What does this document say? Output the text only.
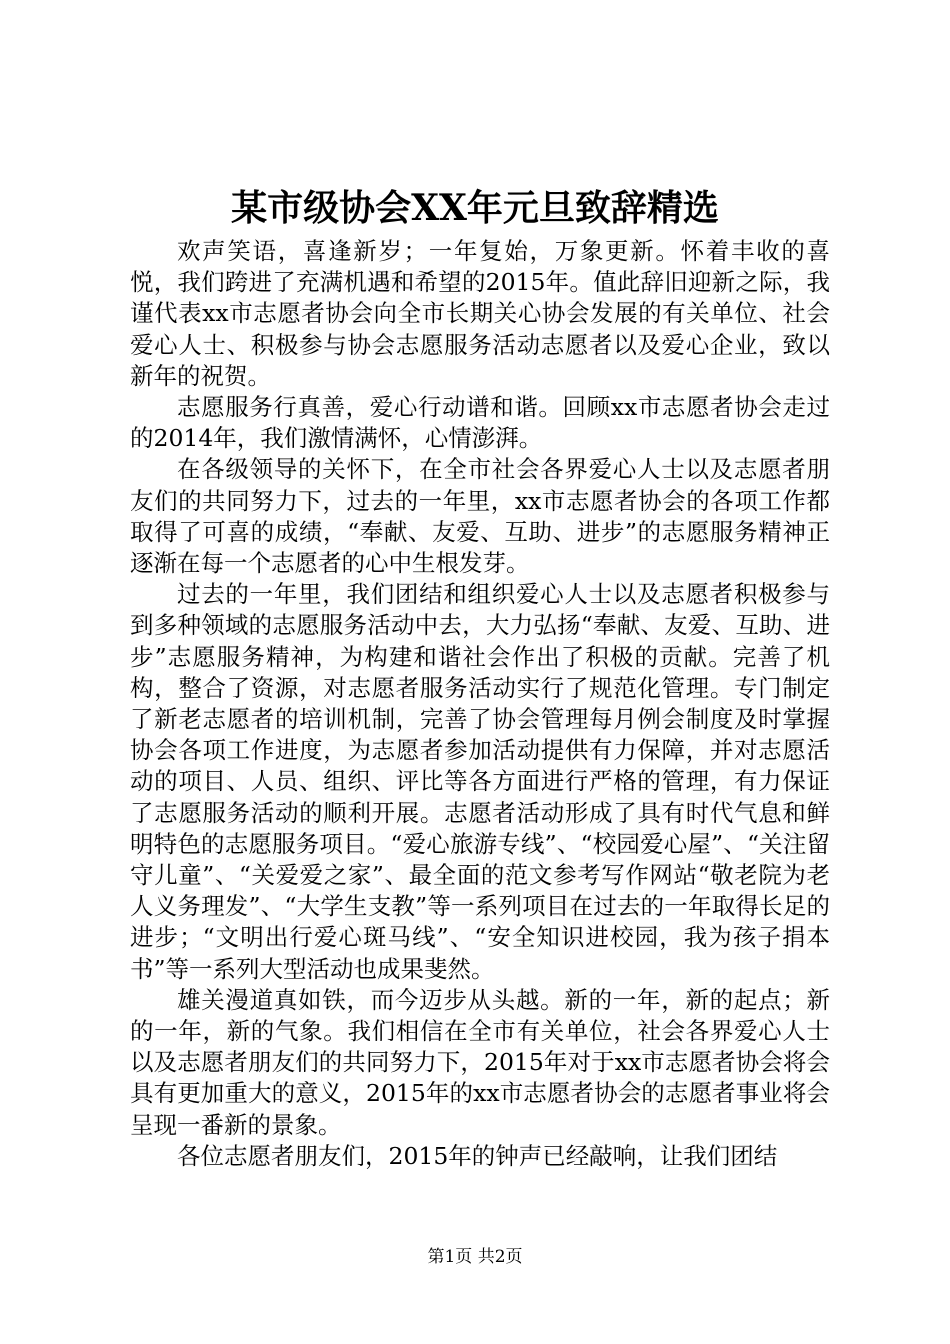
某市级协会XX年元旦致辞精选

欢声笑语，喜逢新岁；一年复始，万象更新。怀着丰收的喜悦，我们跨进了充满机遇和希望的2015年。值此辞旧迎新之际，我谨代表xx市志愿者协会向全市长期关心协会发展的有关单位、社会爱心人士、积极参与协会志愿服务活动志愿者以及爱心企业，致以新年的祝贺。

志愿服务行真善，爱心行动谱和谐。回顾xx市志愿者协会走过的2014年，我们激情满怀，心情澎湃。

在各级领导的关怀下，在全市社会各界爱心人士以及志愿者朋友们的共同努力下，过去的一年里，xx市志愿者协会的各项工作都取得了可喜的成绩，“奉献、友爱、互助、进步”的志愿服务精神正逐渐在每一个志愿者的心中生根发芽。

过去的一年里，我们团结和组织爱心人士以及志愿者积极参与到多种领域的志愿服务活动中去，大力弘扬“奉献、友爱、互助、进步”志愿服务精神，为构建和谐社会作出了积极的贡献。完善了机构，整合了资源，对志愿者服务活动实行了规范化管理。专门制定了新老志愿者的培训机制，完善了协会管理每月例会制度及时掌握协会各项工作进度，为志愿者参加活动提供有力保障，并对志愿活动的项目、人员、组织、评比等各方面进行严格的管理，有力保证了志愿服务活动的顺利开展。志愿者活动形成了具有时代气息和鲜明特色的志愿服务项目。“爱心旅游专线”、“校园爱心屋”、“关注留守儿童”、“关爱爱之家”、最全面的范文参考写作网站“敬老院为老人义务理发”、“大学生支教”等一系列项目在过去的一年取得长足的进步；“文明出行爱心斑马线”、“安全知识进校园，我为孩子捐本书”等一系列大型活动也成果斐然。

雄关漫道真如铁，而今迈步从头越。新的一年，新的起点；新的一年，新的气象。我们相信在全市有关单位，社会各界爱心人士以及志愿者朋友们的共同努力下，2015年对于xx市志愿者协会将会具有更加重大的意义，2015年的xx市志愿者协会的志愿者事业将会呈现一番新的景象。

各位志愿者朋友们，2015年的钟声已经敲响，让我们团结

第1页 共2页
